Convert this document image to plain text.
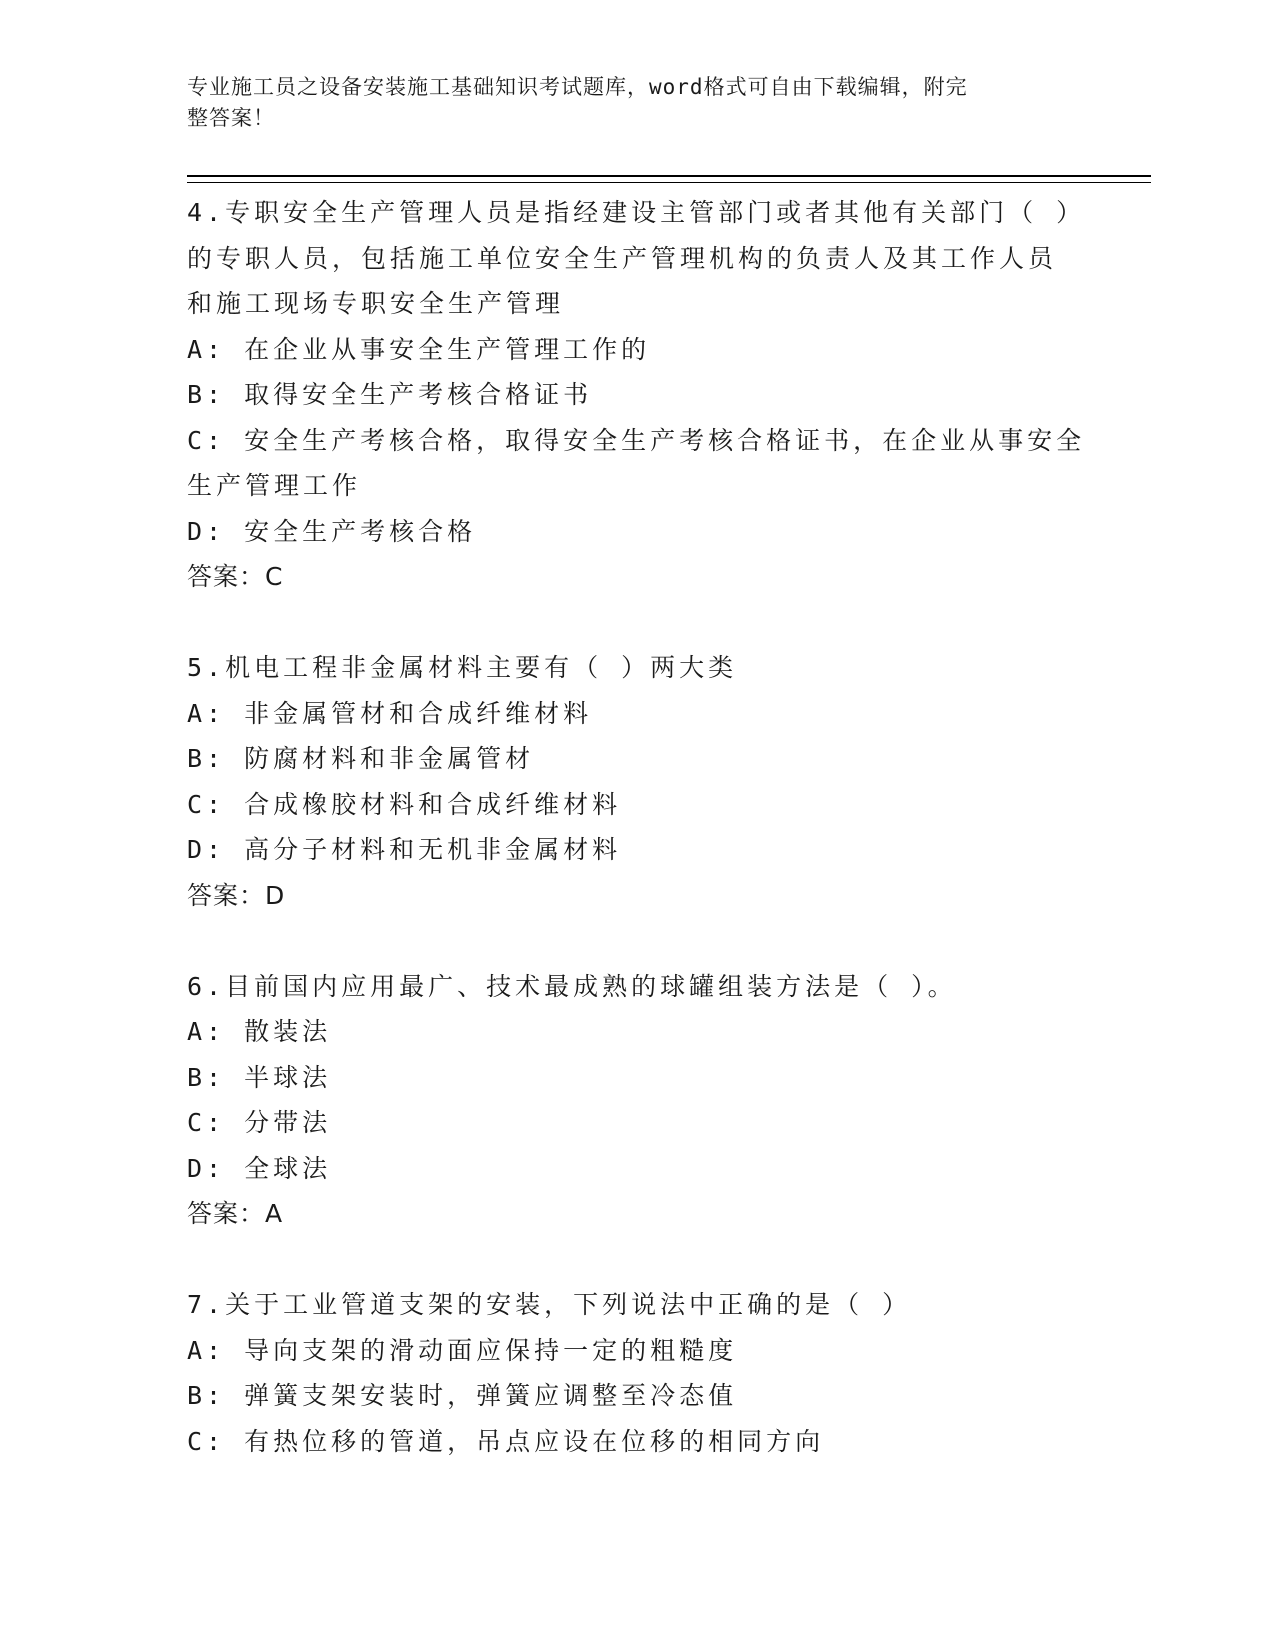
专业施工员之设备安装施工基础知识考试题库，word格式可自由下载编辑，附完
整答案！
4.专职安全生产管理人员是指经建设主管部门或者其他有关部门（ ）
的专职人员，包括施工单位安全生产管理机构的负责人及其工作人员
和施工现场专职安全生产管理
A: 在企业从事安全生产管理工作的
B: 取得安全生产考核合格证书
C: 安全生产考核合格，取得安全生产考核合格证书，在企业从事安全
生产管理工作
D: 安全生产考核合格
答案：C
5.机电工程非金属材料主要有（ ）两大类
A: 非金属管材和合成纤维材料
B: 防腐材料和非金属管材
C: 合成橡胶材料和合成纤维材料
D: 高分子材料和无机非金属材料
答案：D
6.目前国内应用最广、技术最成熟的球罐组装方法是（ ）。
A: 散装法
B: 半球法
C: 分带法
D: 全球法
答案：A
7.关于工业管道支架的安装，下列说法中正确的是（ ）
A: 导向支架的滑动面应保持一定的粗糙度
B: 弹簧支架安装时，弹簧应调整至冷态值
C: 有热位移的管道，吊点应设在位移的相同方向
